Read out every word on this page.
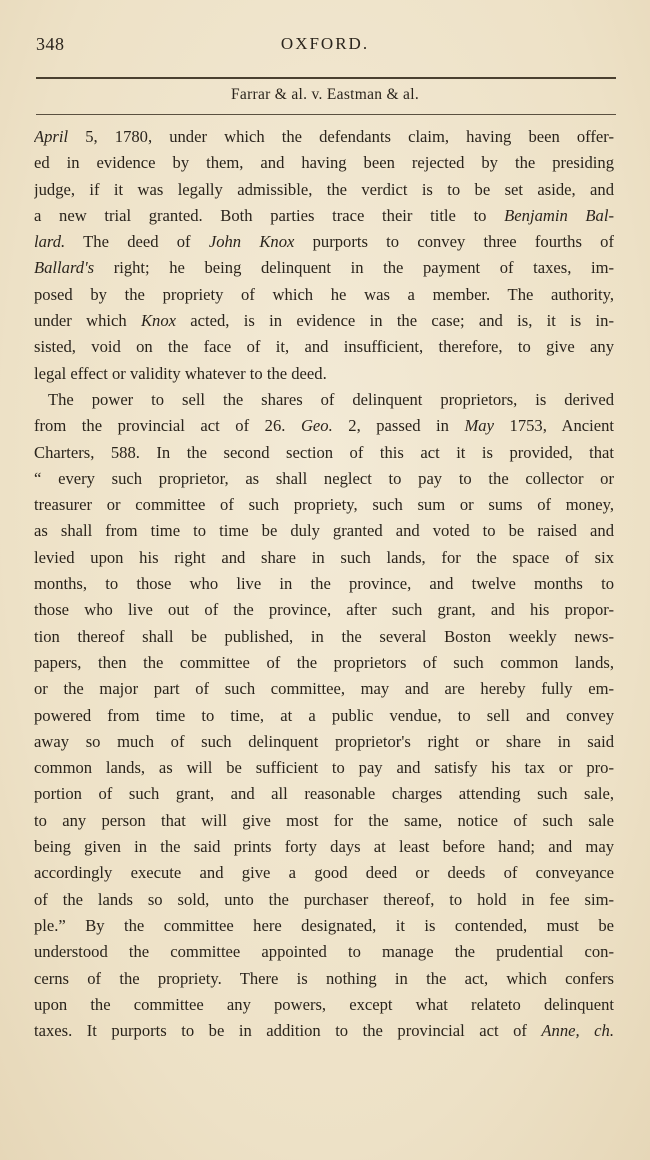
348	OXFORD.
Farrar & al. v. Eastman & al.
April 5, 1780, under which the defendants claim, having been offer-
ed in evidence by them, and having been rejected by the presiding
judge, if it was legally admissible, the verdict is to be set aside, and
a new trial granted. Both parties trace their title to Benjamin Bal-
lard. The deed of John Knox purports to convey three fourths of
Ballard's right; he being delinquent in the payment of taxes, im-
posed by the propriety of which he was a member. The authority,
under which Knox acted, is in evidence in the case; and is, it is in-
sisted, void on the face of it, and insufficient, therefore, to give any
legal effect or validity whatever to the deed.
The power to sell the shares of delinquent proprietors, is derived
from the provincial act of 26. Geo. 2, passed in May 1753, Ancient
Charters, 588. In the second section of this act it is provided, that
“ every such proprietor, as shall neglect to pay to the collector or
treasurer or committee of such propriety, such sum or sums of money,
as shall from time to time be duly granted and voted to be raised and
levied upon his right and share in such lands, for the space of six
months, to those who live in the province, and twelve months to
those who live out of the province, after such grant, and his propor-
tion thereof shall be published, in the several Boston weekly news-
papers, then the committee of the proprietors of such common lands,
or the major part of such committee, may and are hereby fully em-
powered from time to time, at a public vendue, to sell and convey
away so much of such delinquent proprietor's right or share in said
common lands, as will be sufficient to pay and satisfy his tax or pro-
portion of such grant, and all reasonable charges attending such sale,
to any person that will give most for the same, notice of such sale
being given in the said prints forty days at least before hand; and may
accordingly execute and give a good deed or deeds of conveyance
of the lands so sold, unto the purchaser thereof, to hold in fee sim-
ple.” By the committee here designated, it is contended, must be
understood the committee appointed to manage the prudential con-
cerns of the propriety. There is nothing in the act, which confers
upon the committee any powers, except what relateto delinquent
taxes. It purports to be in addition to the provincial act of Anne, ch.
